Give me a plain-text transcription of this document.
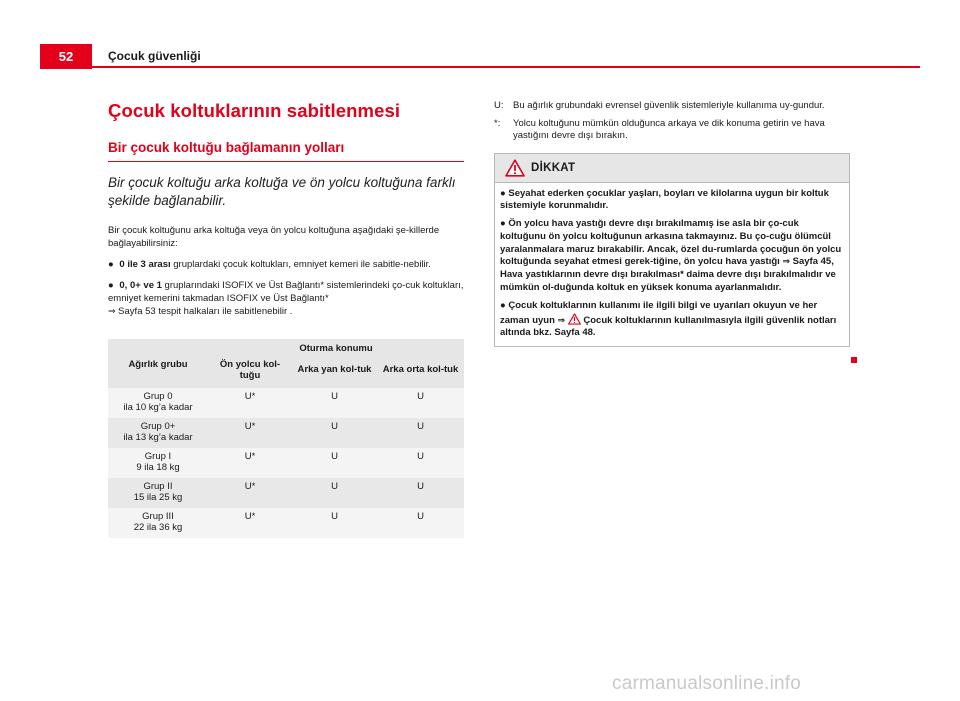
52	Çocuk güvenliği
Çocuk koltuklarının sabitlenmesi
Bir çocuk koltuğu bağlamanın yolları

Bir çocuk koltuğu arka koltuğa ve ön yolcu koltuğuna farklı şekilde bağlanabilir.

Bir çocuk koltuğunu arka koltuğa veya ön yolcu koltuğuna aşağıdaki şe-killerde bağlayabilirsiniz:

● 0 ile 3 arası gruplardaki çocuk koltukları, emniyet kemeri ile sabitle-nebilir.

● 0, 0+ ve 1 gruplarındaki ISOFIX ve Üst Bağlantı* sistemlerindeki ço-cuk koltukları, emniyet kemerini takmadan ISOFIX ve Üst Bağlantı*
⇒ Sayfa 53 tespit halkaları ile sabitlenebilir .

Ağırlık grubu	Oturma konumu		
	Ön yolcu kol-tuğu	Arka yan kol-tuk	Arka orta kol-tuk
Grup 0
ila 10 kg’a kadar	U*	U	U
Grup 0+
ila 13 kg’a kadar	U*	U	U
Grup I
9 ila 18 kg	U*	U	U
Grup II
15 ila 25 kg	U*	U	U
Grup III
22 ila 36 kg	U*	U	U
U:	Bu ağırlık grubundaki evrensel güvenlik sistemleriyle kullanıma uy-gundur.
*:	Yolcu koltuğunu mümkün olduğunca arkaya ve dik konuma getirin ve hava yastığını devre dışı bırakın.
DİKKAT

● Seyahat ederken çocuklar yaşları, boyları ve kilolarına uygun bir koltuk sistemiyle korunmalıdır.

● Ön yolcu hava yastığı devre dışı bırakılmamış ise asla bir ço-cuk koltuğunu ön yolcu koltuğunun arkasına takmayınız. Bu ço-cuğu ölümcül yaralanmalara maruz bırakabilir. Ancak, özel du-rumlarda çocuğun ön yolcu koltuğunda seyahat etmesi gerek-tiğine, ön yolcu hava yastığı ⇒ Sayfa 45, Hava yastıklarının devre dışı bırakılması* daima devre dışı bırakılmalıdır ve mümkün ol-duğunda koltuk en yüksek konuma ayarlanmalıdır.

● Çocuk koltuklarının kullanımı ile ilgili bilgi ve uyarıları okuyun ve her zaman uyun ⇒  Çocuk koltuklarının kullanılmasıyla ilgili güvenlik notları altında bkz. Sayfa 48.

carmanualsonline.info
